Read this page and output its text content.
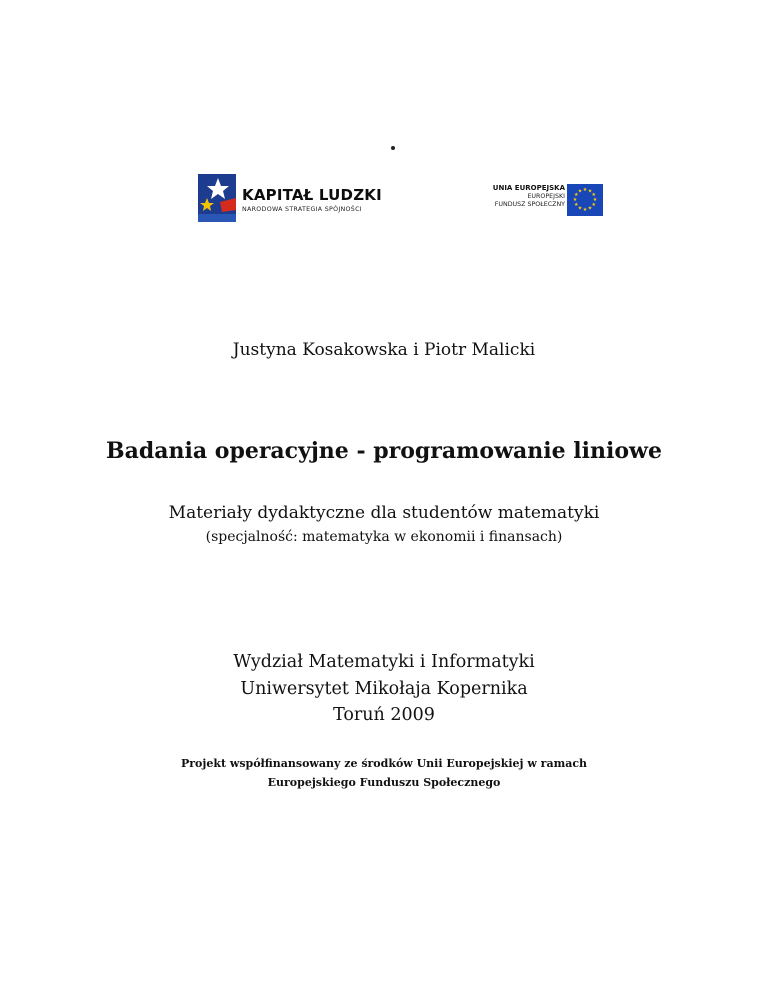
KAPITAŁ LUDZKI
NARODOWA STRATEGIA SPÓJNOŚCI
UNIA EUROPEJSKA
EUROPEJSKI
FUNDUSZ SPOŁECZNY
★ ★
★
★
★
★
★
★
★
★
★
★
Justyna Kosakowska i Piotr Malicki
Badania operacyjne - programowanie liniowe
Materiały dydaktyczne dla studentów matematyki
(specjalność: matematyka w ekonomii i finansach)
Wydział Matematyki i Informatyki
Uniwersytet Mikołaja Kopernika
Toruń 2009
Projekt współfinansowany ze środków Unii Europejskiej w ramach
Europejskiego Funduszu Społecznego
